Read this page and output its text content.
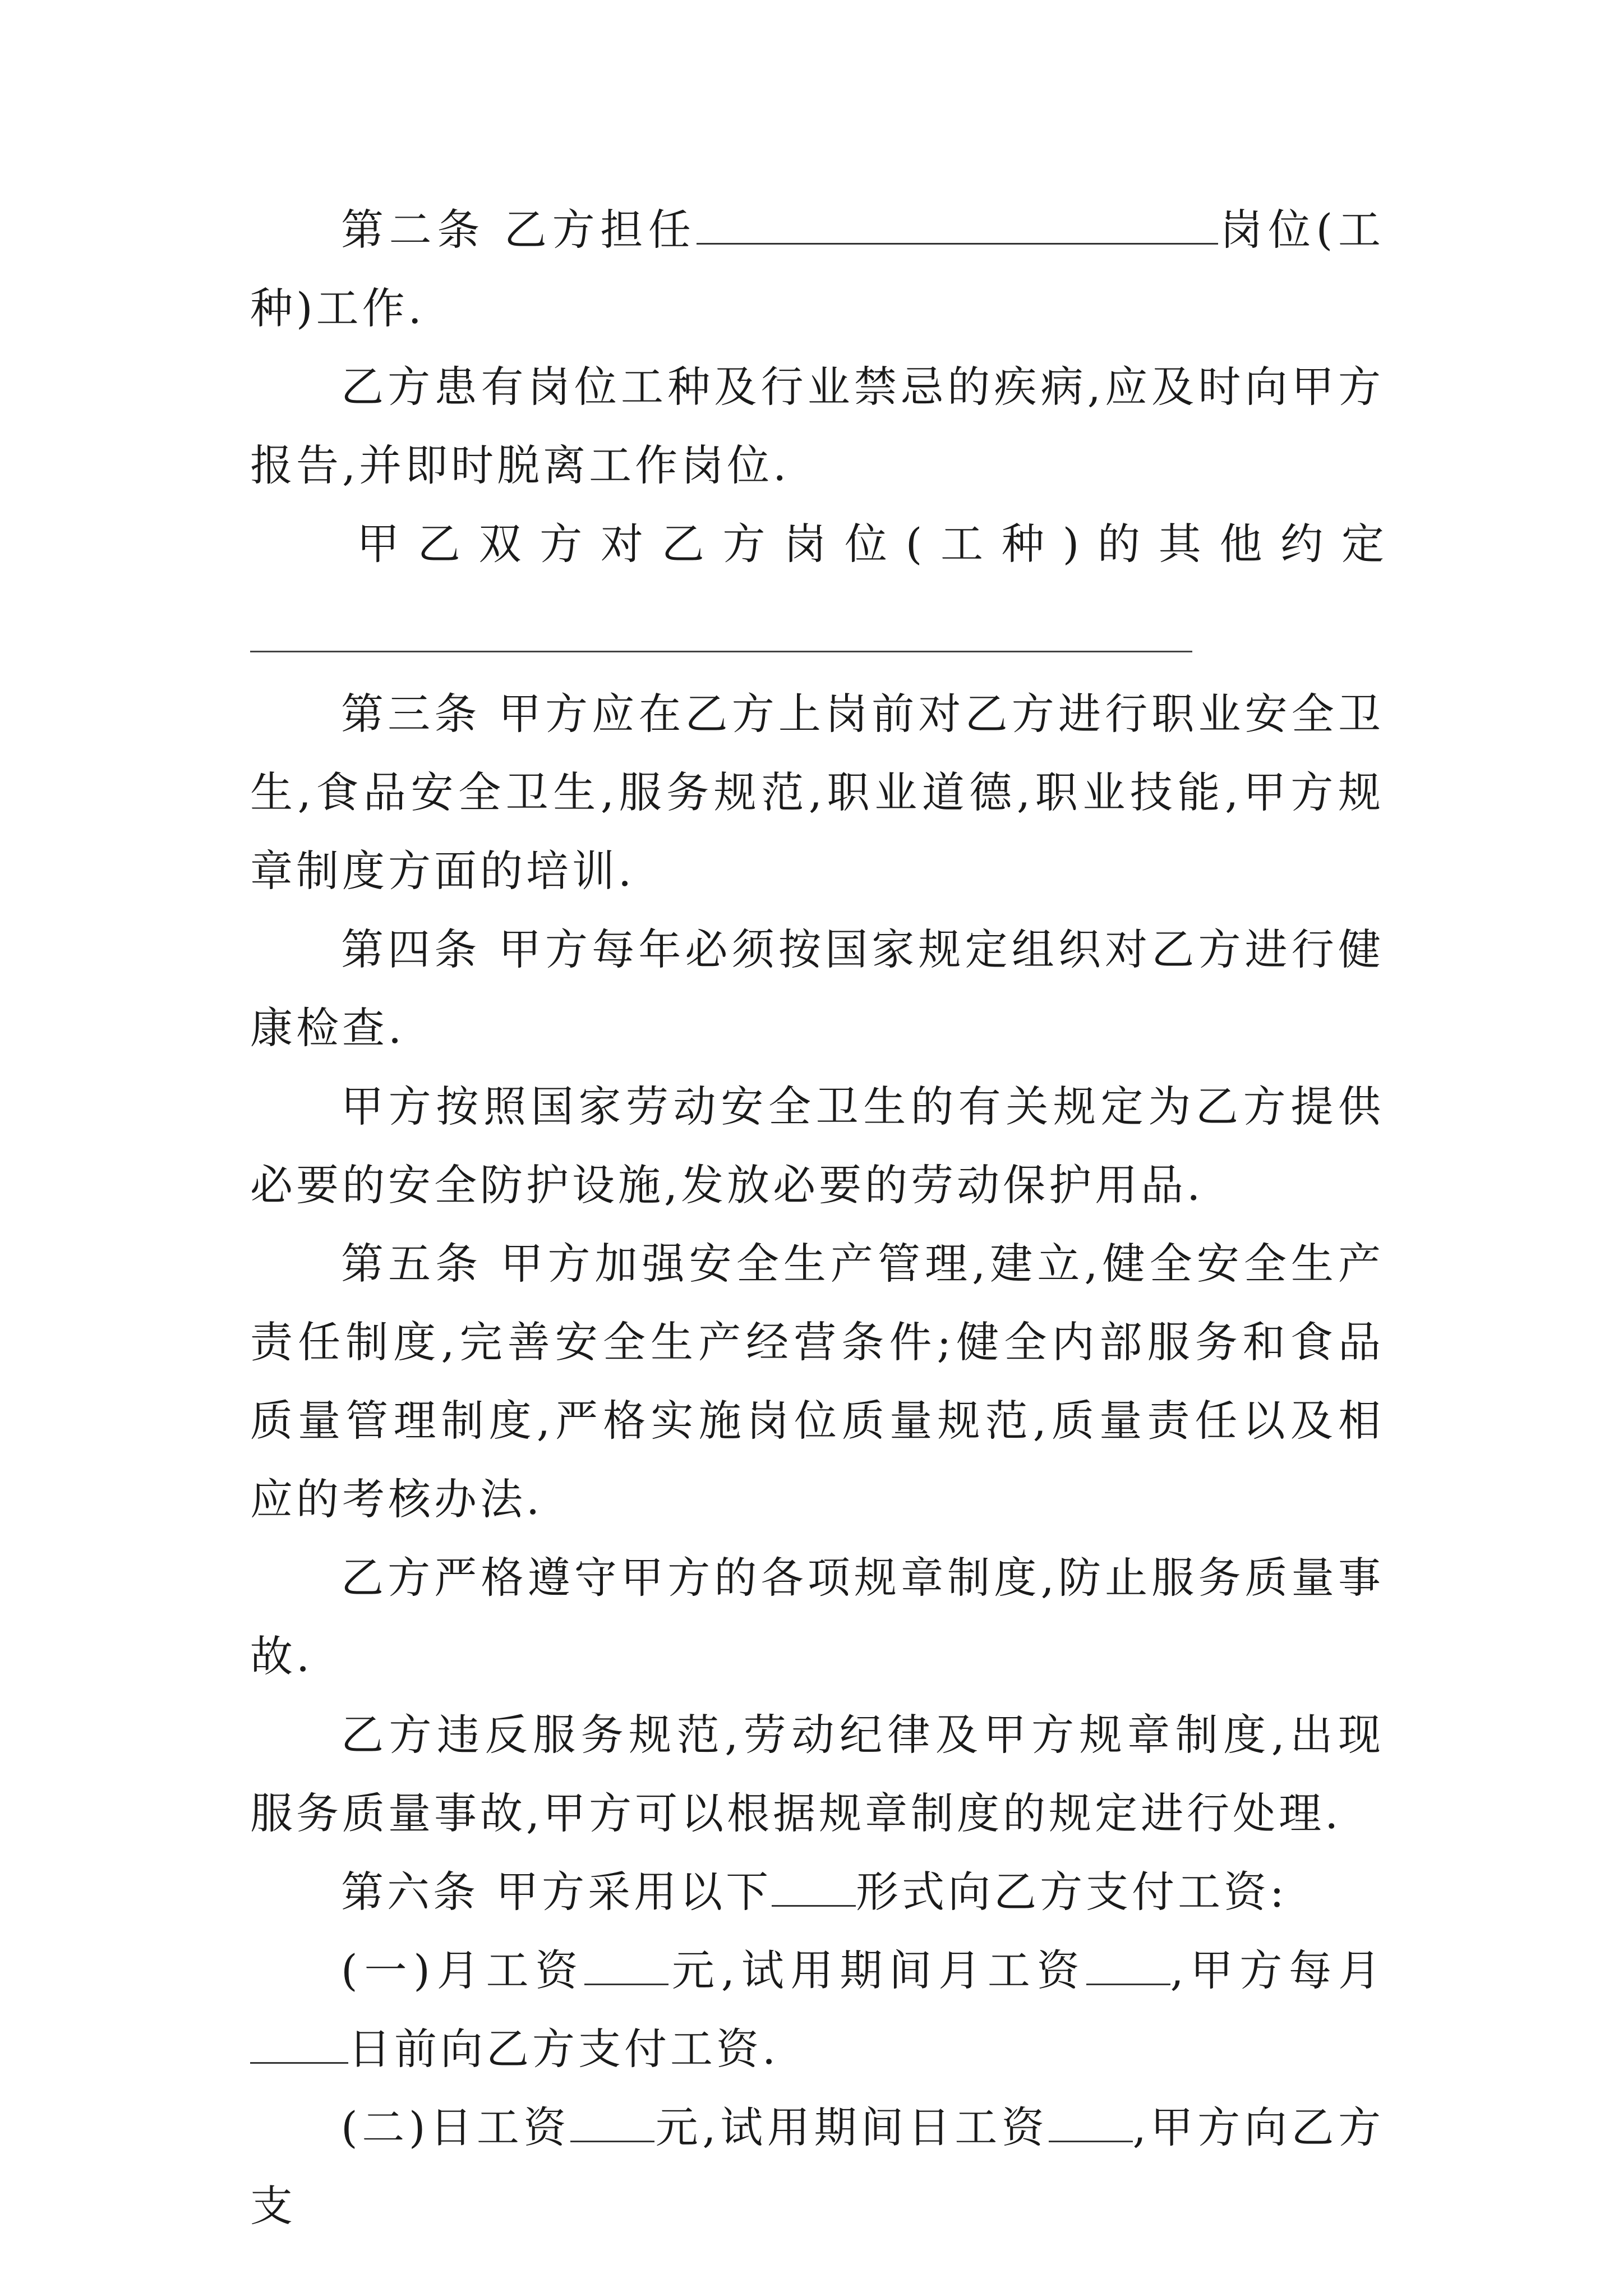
第二条 乙方担任	岗位(工种)工作.

乙方患有岗位工种及行业禁忌的疾病,应及时向甲方报告,并即时脱离工作岗位.

甲乙双方对乙方岗位(工种)的其他约定

第三条 甲方应在乙方上岗前对乙方进行职业安全卫生,食品安全卫生,服务规范,职业道德,职业技能,甲方规章制度方面的培训.

第四条 甲方每年必须按国家规定组织对乙方进行健康检查.

甲方按照国家劳动安全卫生的有关规定为乙方提供必要的安全防护设施,发放必要的劳动保护用品.

第五条 甲方加强安全生产管理,建立,健全安全生产责任制度,完善安全生产经营条件;健全内部服务和食品质量管理制度,严格实施岗位质量规范,质量责任以及相应的考核办法.

乙方严格遵守甲方的各项规章制度,防止服务质量事故.

乙方违反服务规范,劳动纪律及甲方规章制度,出现服务质量事故,甲方可以根据规章制度的规定进行处理.

第六条 甲方采用以下 形式向乙方支付工资:

(一)月工资 元,试用期间月工资 ,甲方每月日前向乙方支付工资.

(二)日工资 元,试用期间日工资 ,甲方向乙方支
